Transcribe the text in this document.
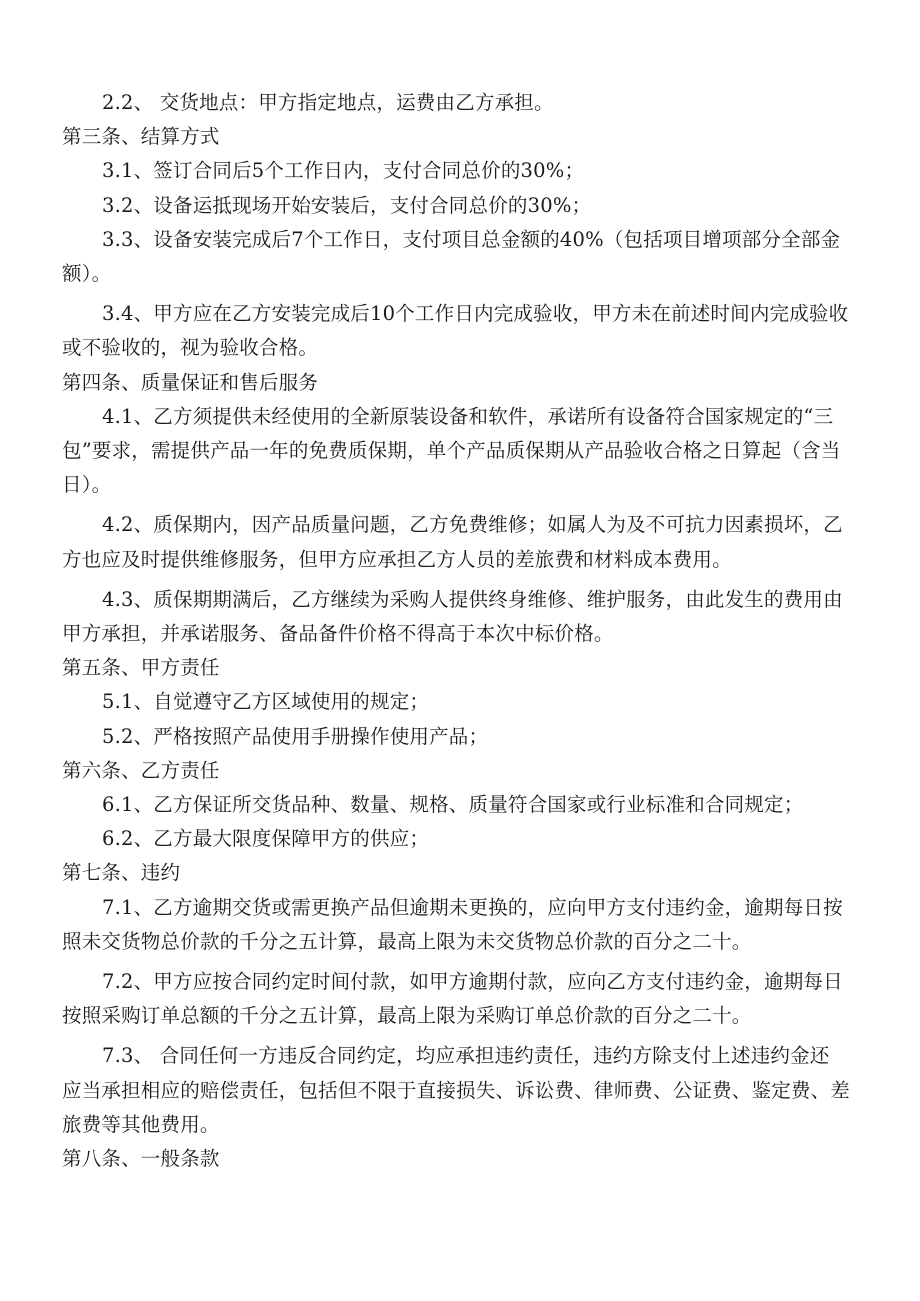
2.2、 交货地点：甲方指定地点，运费由乙方承担。
第三条、结算方式
3.1、签订合同后5个工作日内，支付合同总价的30%；
3.2、设备运抵现场开始安装后，支付合同总价的30%；
3.3、设备安装完成后7个工作日，支付项目总金额的40%（包括项目增项部分全部金
额）。
3.4、甲方应在乙方安装完成后10个工作日内完成验收，甲方未在前述时间内完成验收
或不验收的，视为验收合格。
第四条、质量保证和售后服务
4.1、乙方须提供未经使用的全新原装设备和软件，承诺所有设备符合国家规定的“三
包”要求，需提供产品一年的免费质保期，单个产品质保期从产品验收合格之日算起（含当
日）。
4.2、质保期内，因产品质量问题，乙方免费维修；如属人为及不可抗力因素损坏，乙
方也应及时提供维修服务，但甲方应承担乙方人员的差旅费和材料成本费用。
4.3、质保期期满后，乙方继续为采购人提供终身维修、维护服务，由此发生的费用由
甲方承担，并承诺服务、备品备件价格不得高于本次中标价格。
第五条、甲方责任
5.1、自觉遵守乙方区域使用的规定；
5.2、严格按照产品使用手册操作使用产品；
第六条、乙方责任
6.1、乙方保证所交货品种、数量、规格、质量符合国家或行业标准和合同规定；
6.2、乙方最大限度保障甲方的供应；
第七条、违约
7.1、乙方逾期交货或需更换产品但逾期未更换的，应向甲方支付违约金，逾期每日按
照未交货物总价款的千分之五计算，最高上限为未交货物总价款的百分之二十。
7.2、甲方应按合同约定时间付款，如甲方逾期付款，应向乙方支付违约金，逾期每日
按照采购订单总额的千分之五计算，最高上限为采购订单总价款的百分之二十。
7.3、 合同任何一方违反合同约定，均应承担违约责任，违约方除支付上述违约金还
应当承担相应的赔偿责任，包括但不限于直接损失、诉讼费、律师费、公证费、鉴定费、差
旅费等其他费用。
第八条、一般条款
